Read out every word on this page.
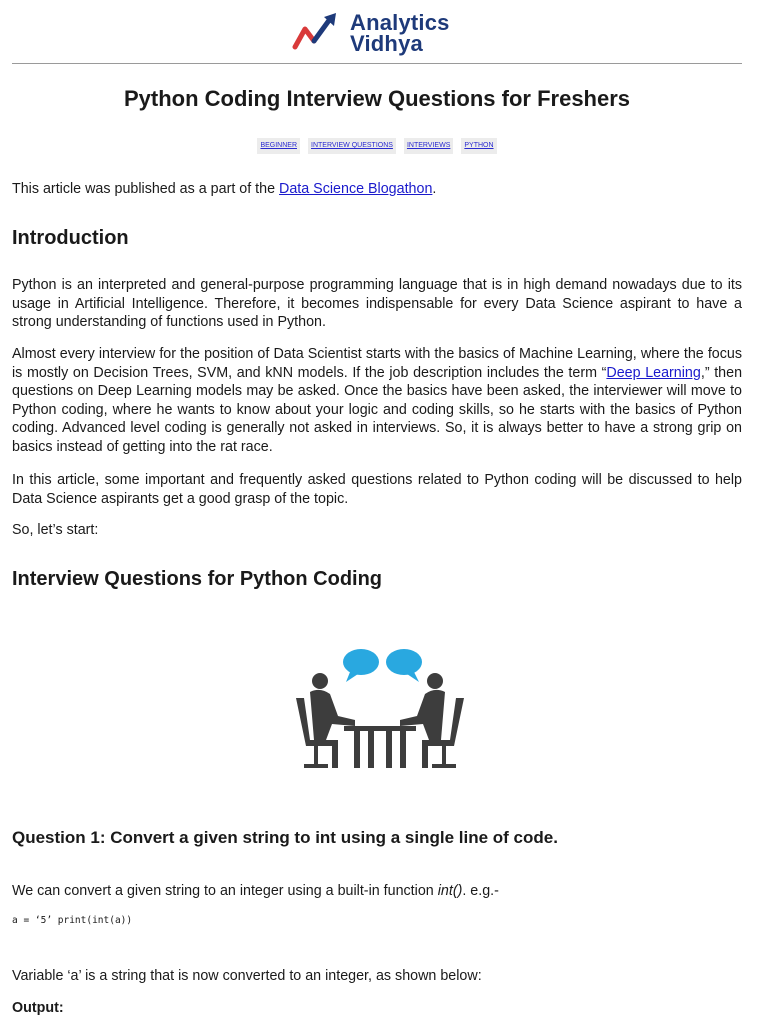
Analytics
Vidhya
Python Coding Interview Questions for Freshers
BEGINNER	INTERVIEW QUESTIONS	INTERVIEWS	PYTHON

This article was published as a part of the Data Science Blogathon.

Introduction

Python is an interpreted and general-purpose programming language that is in high demand nowadays due to its usage in Artificial Intelligence. Therefore, it becomes indispensable for every Data Science aspirant to have a strong understanding of functions used in Python.

Almost every interview for the position of Data Scientist starts with the basics of Machine Learning, where the focus is mostly on Decision Trees, SVM, and kNN models. If the job description includes the term “Deep Learning,” then questions on Deep Learning models may be asked. Once the basics have been asked, the interviewer will move to Python coding, where he wants to know about your logic and coding skills, so he starts with the basics of Python coding. Advanced level coding is generally not asked in interviews. So, it is always better to have a strong grip on basics instead of getting into the rat race.

In this article, some important and frequently asked questions related to Python coding will be discussed to help Data Science aspirants get a good grasp of the topic.

So, let’s start:

Interview Questions for Python Coding
Question 1: Convert a given string to int using a single line of code.

We can convert a given string to an integer using a built-in function int(). e.g.-

a = ‘5’ print(int(a))

Variable ‘a’ is a string that is now converted to an integer, as shown below:

Output:
